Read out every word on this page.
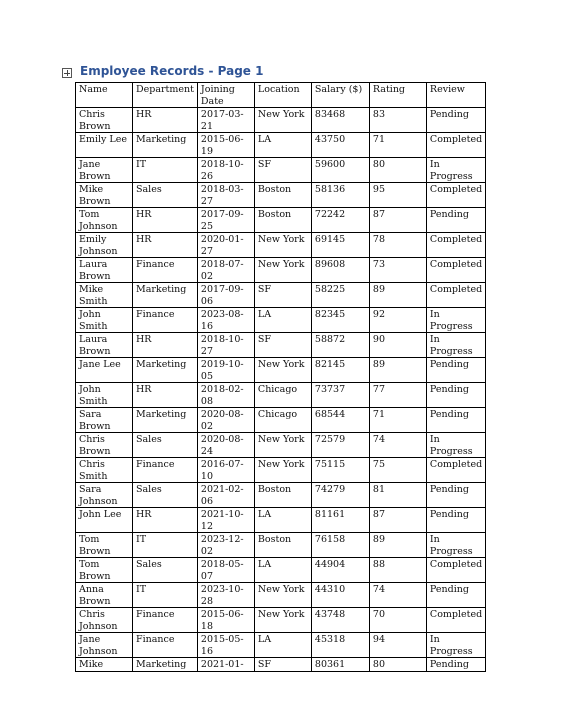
Employee Records - Page 1
Name	Department	Joining Date	Location	Salary ($)	Rating	Review
Chris Brown	HR	2017-03-21	New York	83468	83	Pending
Emily Lee	Marketing	2015-06-19	LA	43750	71	Completed
Jane Brown	IT	2018-10-26	SF	59600	80	In Progress
Mike Brown	Sales	2018-03-27	Boston	58136	95	Completed
Tom Johnson	HR	2017-09-25	Boston	72242	87	Pending
Emily Johnson	HR	2020-01-27	New York	69145	78	Completed
Laura Brown	Finance	2018-07-02	New York	89608	73	Completed
Mike Smith	Marketing	2017-09-06	SF	58225	89	Completed
John Smith	Finance	2023-08-16	LA	82345	92	In Progress
Laura Brown	HR	2018-10-27	SF	58872	90	In Progress
Jane Lee	Marketing	2019-10-05	New York	82145	89	Pending
John Smith	HR	2018-02-08	Chicago	73737	77	Pending
Sara Brown	Marketing	2020-08-02	Chicago	68544	71	Pending
Chris Brown	Sales	2020-08-24	New York	72579	74	In Progress
Chris Smith	Finance	2016-07-10	New York	75115	75	Completed
Sara Johnson	Sales	2021-02-06	Boston	74279	81	Pending
John Lee	HR	2021-10-12	LA	81161	87	Pending
Tom Brown	IT	2023-12-02	Boston	76158	89	In Progress
Tom Brown	Sales	2018-05-07	LA	44904	88	Completed
Anna Brown	IT	2023-10-28	New York	44310	74	Pending
Chris Johnson	Finance	2015-06-18	New York	43748	70	Completed
Jane Johnson	Finance	2015-05-16	LA	45318	94	In Progress
Mike	Marketing	2021-01-	SF	80361	80	Pending
